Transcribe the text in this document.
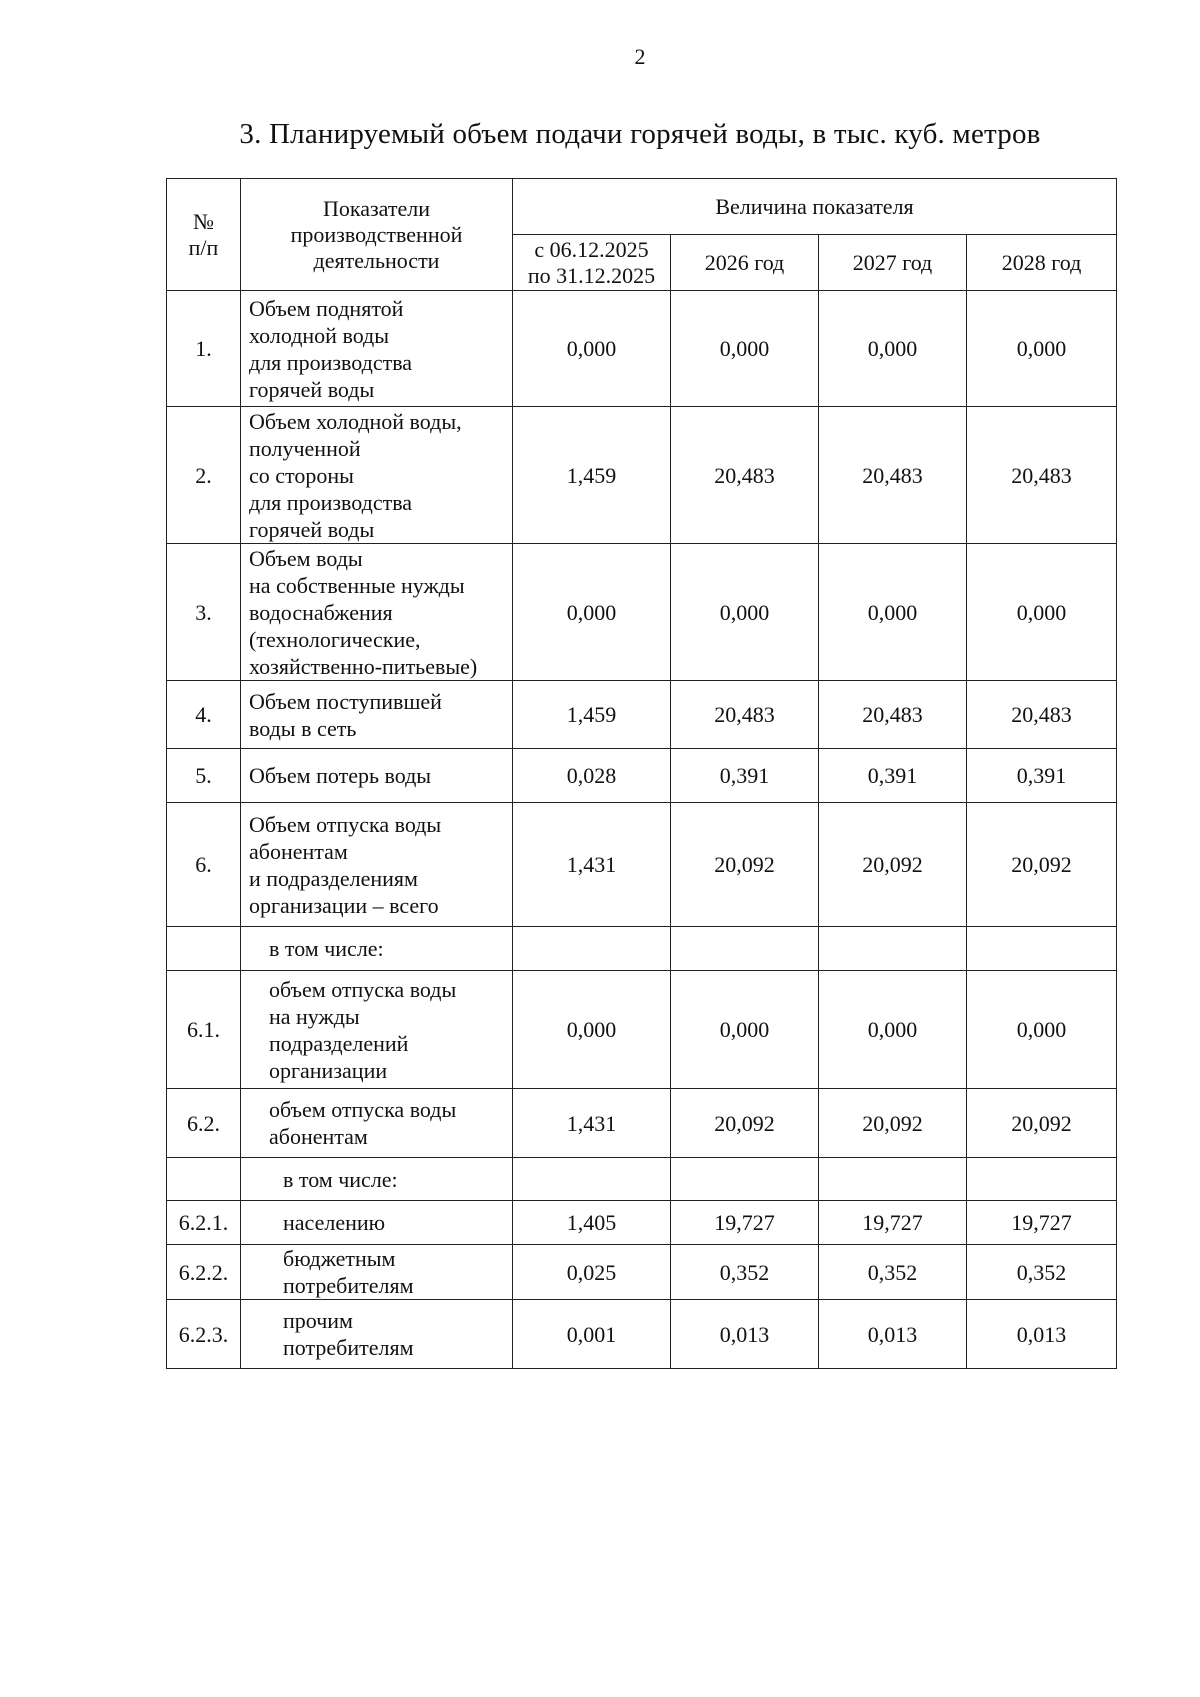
2
3. Планируемый объем подачи горячей воды, в тыс. куб. метров
№
п/п	Показатели
производственной
деятельности	Величина показателя			
		с 06.12.2025
по 31.12.2025	2026 год	2027 год	2028 год
1.	Объем поднятой
холодной воды
для производства
горячей воды	0,000	0,000	0,000	0,000
2.	Объем холодной воды,
полученной
со стороны
для производства
горячей воды	1,459	20,483	20,483	20,483
3.	Объем воды
на собственные нужды
водоснабжения
(технологические,
хозяйственно-питьевые)	0,000	0,000	0,000	0,000
4.	Объем поступившей
воды в сеть	1,459	20,483	20,483	20,483
5.	Объем потерь воды	0,028	0,391	0,391	0,391
6.	Объем отпуска воды
абонентам
и подразделениям
организации – всего	1,431	20,092	20,092	20,092
	в том числе:				
6.1.	объем отпуска воды
на нужды
подразделений
организации	0,000	0,000	0,000	0,000
6.2.	объем отпуска воды
абонентам	1,431	20,092	20,092	20,092
	в том числе:				
6.2.1.	населению	1,405	19,727	19,727	19,727
6.2.2.	бюджетным
потребителям	0,025	0,352	0,352	0,352
6.2.3.	прочим
потребителям	0,001	0,013	0,013	0,013
